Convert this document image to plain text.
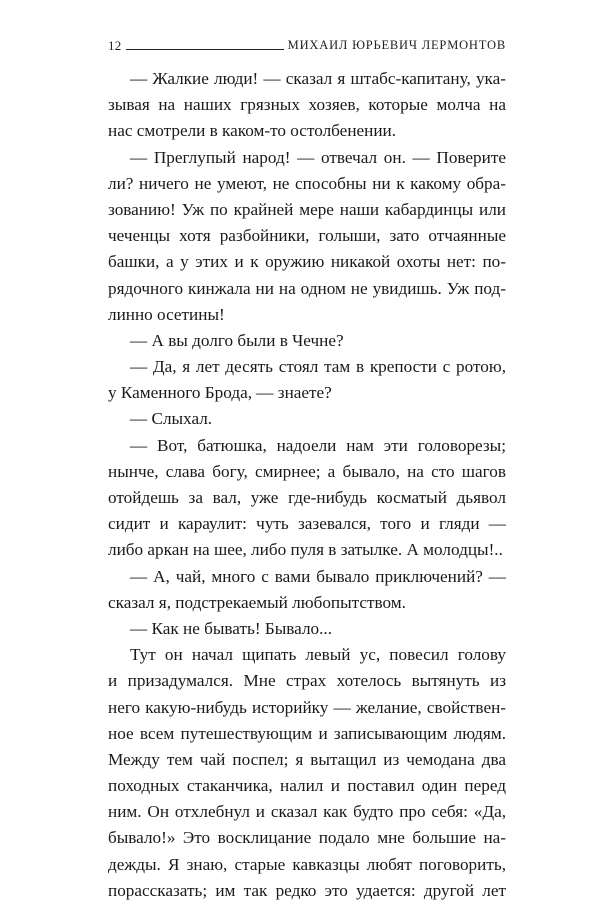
12	МИХАИЛ ЮРЬЕВИЧ ЛЕРМОНТОВ
— Жалкие люди! — сказал я штабс-капитану, ука-
зывая на наших грязных хозяев, которые молча на
нас смотрели в каком-то остолбенении.
— Преглупый народ! — отвечал он. — Поверите
ли? ничего не умеют, не способны ни к какому обра-
зованию! Уж по крайней мере наши кабардинцы или
чеченцы хотя разбойники, голыши, зато отчаянные
башки, а у этих и к оружию никакой охоты нет: по-
рядочного кинжала ни на одном не увидишь. Уж под-
линно осетины!
— А вы долго были в Чечне?
— Да, я лет десять стоял там в крепости с ротою,
у Каменного Брода, — знаете?
— Слыхал.
— Вот, батюшка, надоели нам эти головорезы;
нынче, слава богу, смирнее; а бывало, на сто шагов
отойдешь за вал, уже где-нибудь косматый дьявол
сидит и караулит: чуть зазевался, того и гляди —
либо аркан на шее, либо пуля в затылке. А молодцы!..
— А, чай, много с вами бывало приключений? —
сказал я, подстрекаемый любопытством.
— Как не бывать! Бывало...
Тут он начал щипать левый ус, повесил голову
и призадумался. Мне страх хотелось вытянуть из
него какую-нибудь историйку — желание, свойствен-
ное всем путешествующим и записывающим людям.
Между тем чай поспел; я вытащил из чемодана два
походных стаканчика, налил и поставил один перед
ним. Он отхлебнул и сказал как будто про себя: «Да,
бывало!» Это восклицание подало мне большие на-
дежды. Я знаю, старые кавказцы любят поговорить,
порассказать; им так редко это удается: другой лет
